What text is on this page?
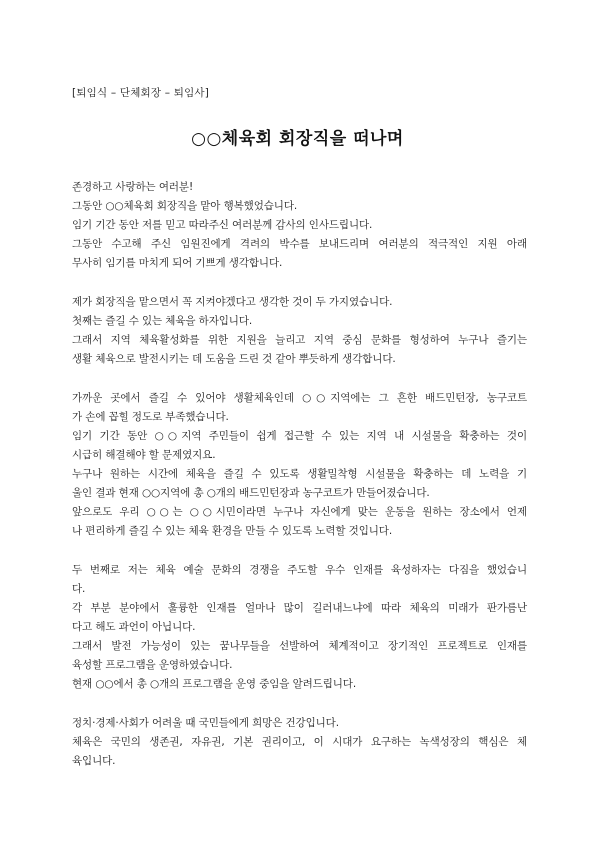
[퇴임식 – 단체회장 – 퇴임사]
○○체육회 회장직을 떠나며
존경하고 사랑하는 여러분!
그동안 ○○체육회 회장직을 맡아 행복했었습니다.
임기 기간 동안 저를 믿고 따라주신 여러분께 감사의 인사드립니다.
그동안 수고해 주신 임원진에게 격려의 박수를 보내드리며 여러분의 적극적인 지원 아래
무사히 임기를 마치게 되어 기쁘게 생각합니다.
제가 회장직을 맡으면서 꼭 지켜야겠다고 생각한 것이 두 가지였습니다.
첫째는 즐길 수 있는 체육을 하자입니다.
그래서 지역 체육활성화를 위한 지원을 늘리고 지역 중심 문화를 형성하여 누구나 즐기는
생활 체육으로 발전시키는 데 도움을 드린 것 같아 뿌듯하게 생각합니다.
가까운 곳에서 즐길 수 있어야 생활체육인데 ○○지역에는 그 흔한 배드민턴장, 농구코트
가 손에 꼽힐 정도로 부족했습니다.
임기 기간 동안 ○○지역 주민들이 쉽게 접근할 수 있는 지역 내 시설물을 확충하는 것이
시급히 해결해야 할 문제였지요.
누구나 원하는 시간에 체육을 즐길 수 있도록 생활밀착형 시설물을 확충하는 데 노력을 기
울인 결과 현재 ○○지역에 총 ○개의 배드민턴장과 농구코트가 만들어졌습니다.
앞으로도 우리 ○○는 ○○시민이라면 누구나 자신에게 맞는 운동을 원하는 장소에서 언제
나 편리하게 즐길 수 있는 체육 환경을 만들 수 있도록 노력할 것입니다.
두 번째로 저는 체육 예술 문화의 경쟁을 주도할 우수 인재를 육성하자는 다짐을 했었습니
다.
각 부분 분야에서 훌륭한 인재를 얼마나 많이 길러내느냐에 따라 체육의 미래가 판가름난
다고 해도 과언이 아닙니다.
그래서 발전 가능성이 있는 꿈나무들을 선발하여 체계적이고 장기적인 프로젝트로 인재를
육성할 프로그램을 운영하였습니다.
현재 ○○에서 총 ○개의 프로그램을 운영 중임을 알려드립니다.
정치·경제·사회가 어려울 때 국민들에게 희망은 건강입니다.
체육은 국민의 생존권, 자유권, 기본 권리이고, 이 시대가 요구하는 녹색성장의 핵심은 체
육입니다.
